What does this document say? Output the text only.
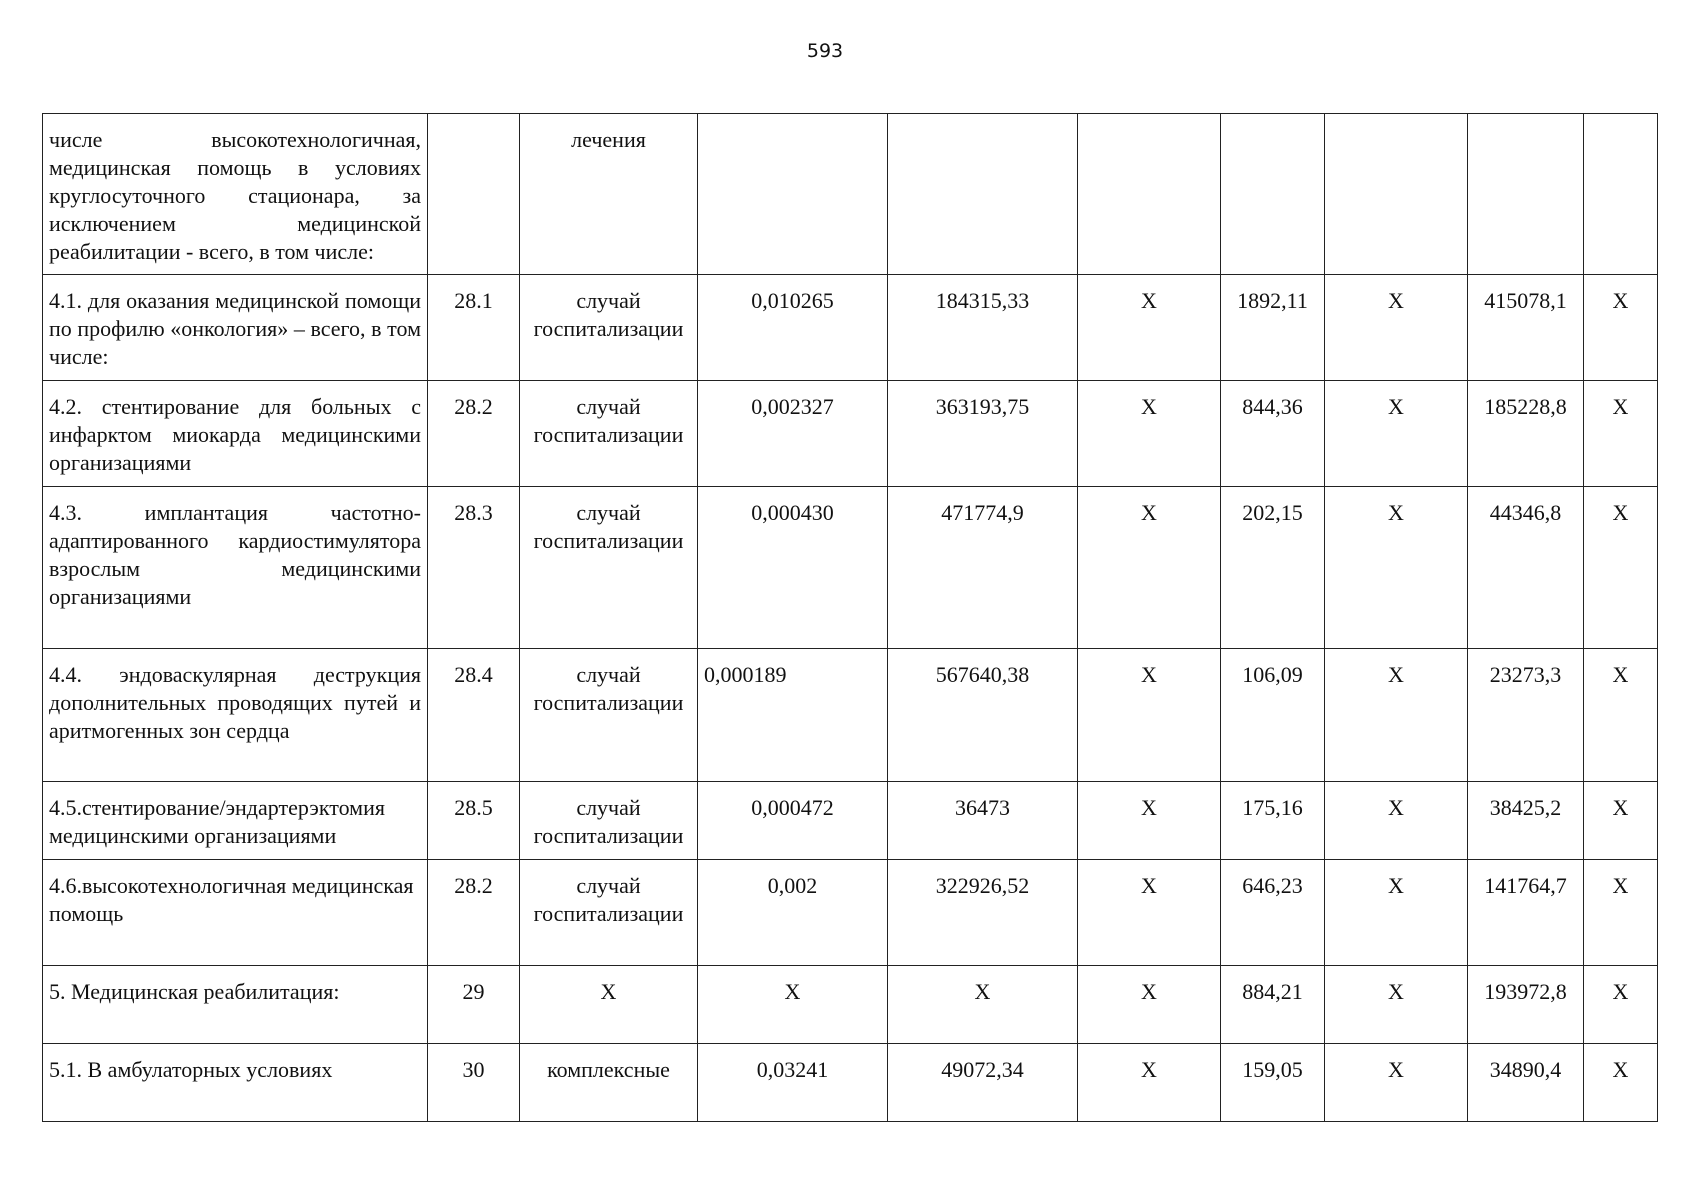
593
числе высокотехнологичная, медицинская помощь в условиях круглосуточного стационара, за исключением медицинской реабилитации - всего, в том числе:		лечения							
4.1. для оказания медицинской помощи по профилю «онкология» – всего, в том числе:	28.1	случай госпитализации	0,010265	184315,33	Х	1892,11	Х	415078,1	Х
4.2. стентирование для больных с инфарктом миокарда медицинскими организациями	28.2	случай госпитализации	0,002327	363193,75	Х	844,36	Х	185228,8	Х
4.3. имплантация частотно-адаптированного кардиостимулятора взрослым медицинскими организациями	28.3	случай госпитализации	0,000430	471774,9	Х	202,15	Х	44346,8	Х
4.4. эндоваскулярная деструкция дополнительных проводящих путей и аритмогенных зон сердца	28.4	случай госпитализации	0,000189	567640,38	Х	106,09	Х	23273,3	Х
4.5.стентирование/эндартерэктомия медицинскими организациями	28.5	случай госпитализации	0,000472	36473	Х	175,16	Х	38425,2	Х
4.6.высокотехнологичная медицинская помощь	28.2	случай госпитализации	0,002	322926,52	Х	646,23	Х	141764,7	Х
5. Медицинская реабилитация:	29	Х	Х	Х	Х	884,21	Х	193972,8	Х
5.1. В амбулаторных условиях	30	комплексные	0,03241	49072,34	Х	159,05	Х	34890,4	Х
